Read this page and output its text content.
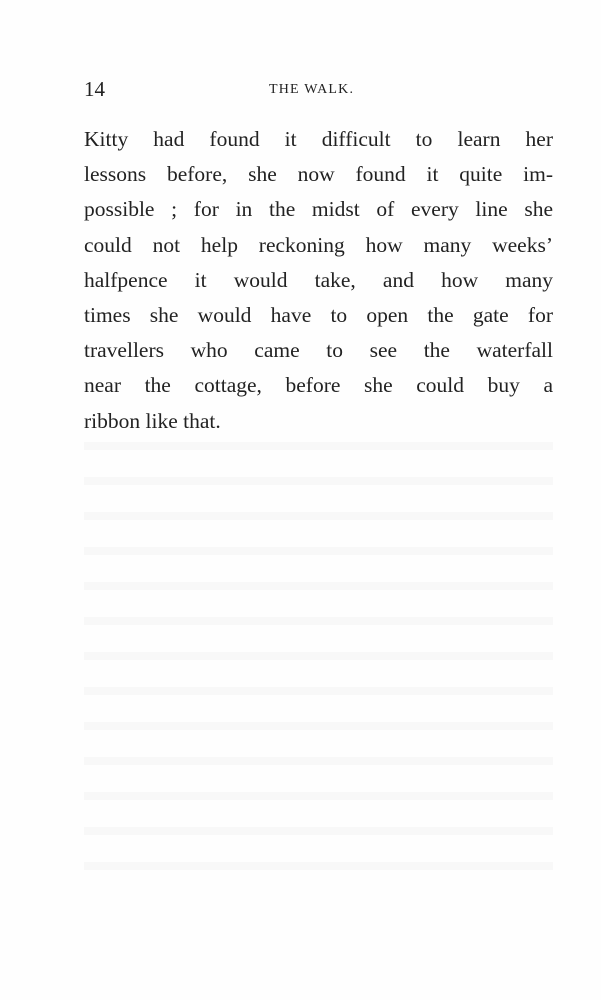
14	THE WALK.
Kitty had found it difficult to learn her
lessons before, she now found it quite im-
possible ; for in the midst of every line she
could not help reckoning how many weeks’
halfpence it would take, and how many
times she would have to open the gate for
travellers who came to see the waterfall
near the cottage, before she could buy a
ribbon like that.
